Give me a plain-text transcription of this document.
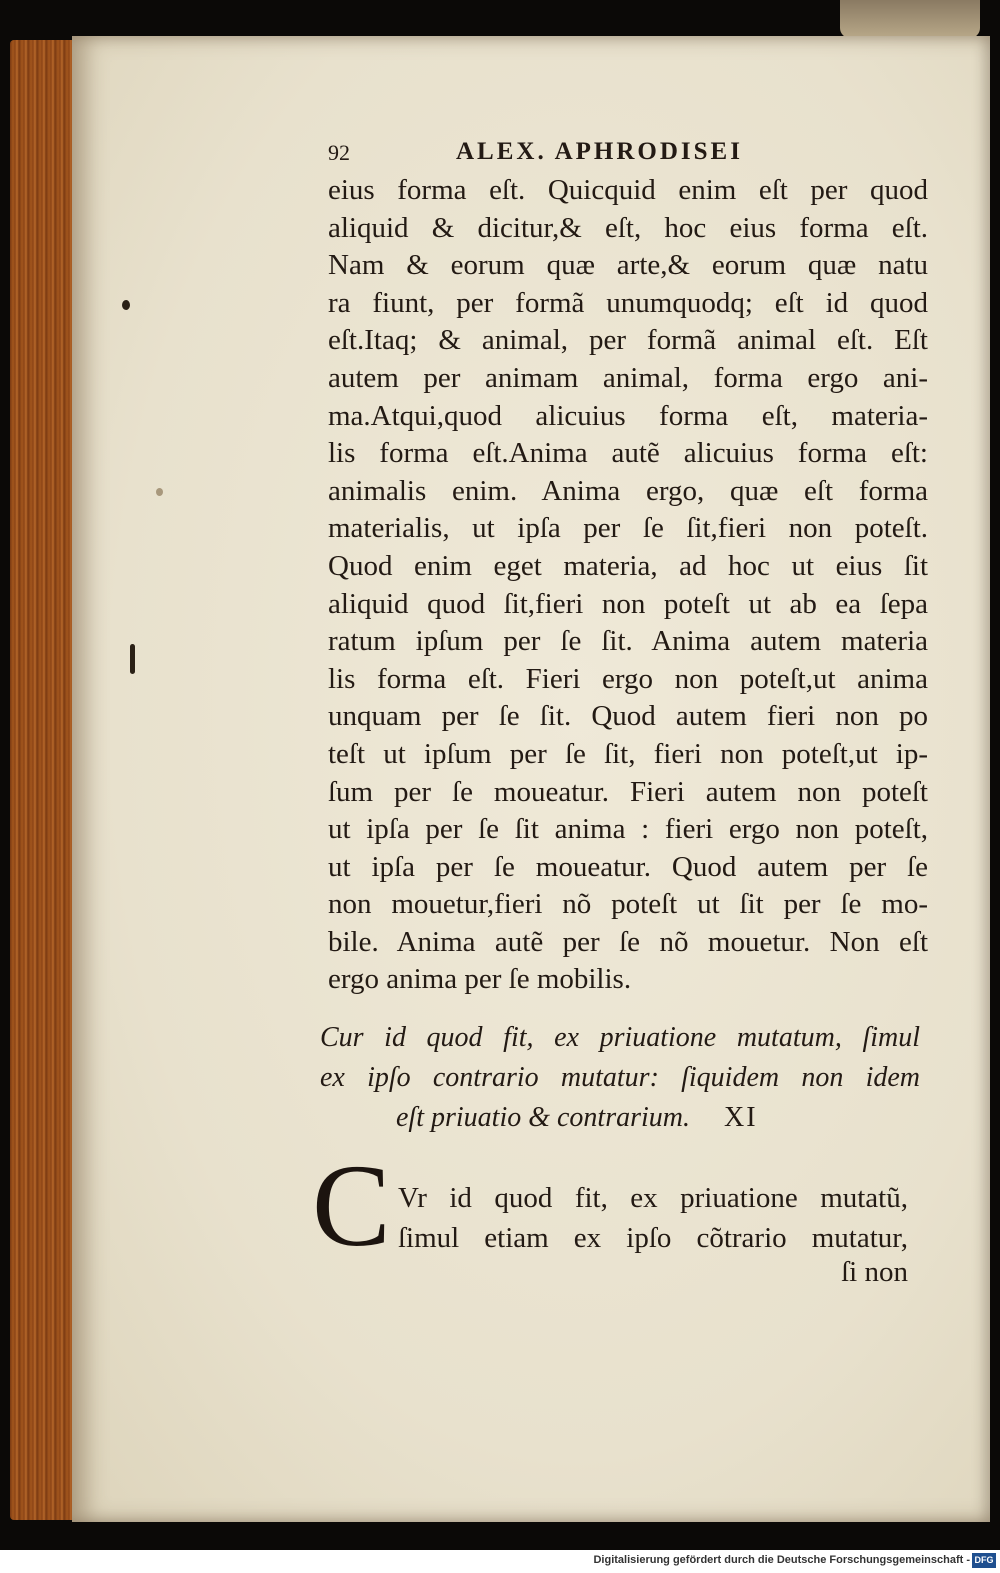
92	ALEX. APHRODISEI
eius forma eſt. Quicquid enim eſt per quod
aliquid & dicitur,& eſt, hoc eius forma eſt.
Nam & eorum quæ arte,& eorum quæ natu
ra fiunt, per formã unumquodq; eſt id quod
eſt.Itaq; & animal, per formã animal eſt. Eſt
autem per animam animal, forma ergo ani-
ma.Atqui,quod alicuius forma eſt, materia-
lis forma eſt.Anima autẽ alicuius forma eſt:
animalis enim. Anima ergo, quæ eſt forma
materialis, ut ipſa per ſe ſit,fieri non poteſt.
Quod enim eget materia, ad hoc ut eius ſit
aliquid quod ſit,fieri non poteſt ut ab ea ſepa
ratum ipſum per ſe ſit. Anima autem materia
lis forma eſt. Fieri ergo non poteſt,ut anima
unquam per ſe ſit. Quod autem fieri non po
teſt ut ipſum per ſe ſit, fieri non poteſt,ut ip-
ſum per ſe moueatur. Fieri autem non poteſt
ut ipſa per ſe ſit anima : fieri ergo non poteſt,
ut ipſa per ſe moueatur. Quod autem per ſe
non mouetur,fieri nõ poteſt ut ſit per ſe mo-
bile. Anima autẽ per ſe nõ mouetur. Non eſt
ergo anima per ſe mobilis.
Cur id quod fit, ex priuatione mutatum, ſimul
ex ipſo contrario mutatur: ſiquidem non idem
eſt priuatio & contrarium. XI
C Vr id quod fit, ex priuatione mutatũ,
ſimul etiam ex ipſo cõtrario mutatur,
ſi non
Digitalisierung gefördert durch die Deutsche Forschungsgemeinschaft - DFG
